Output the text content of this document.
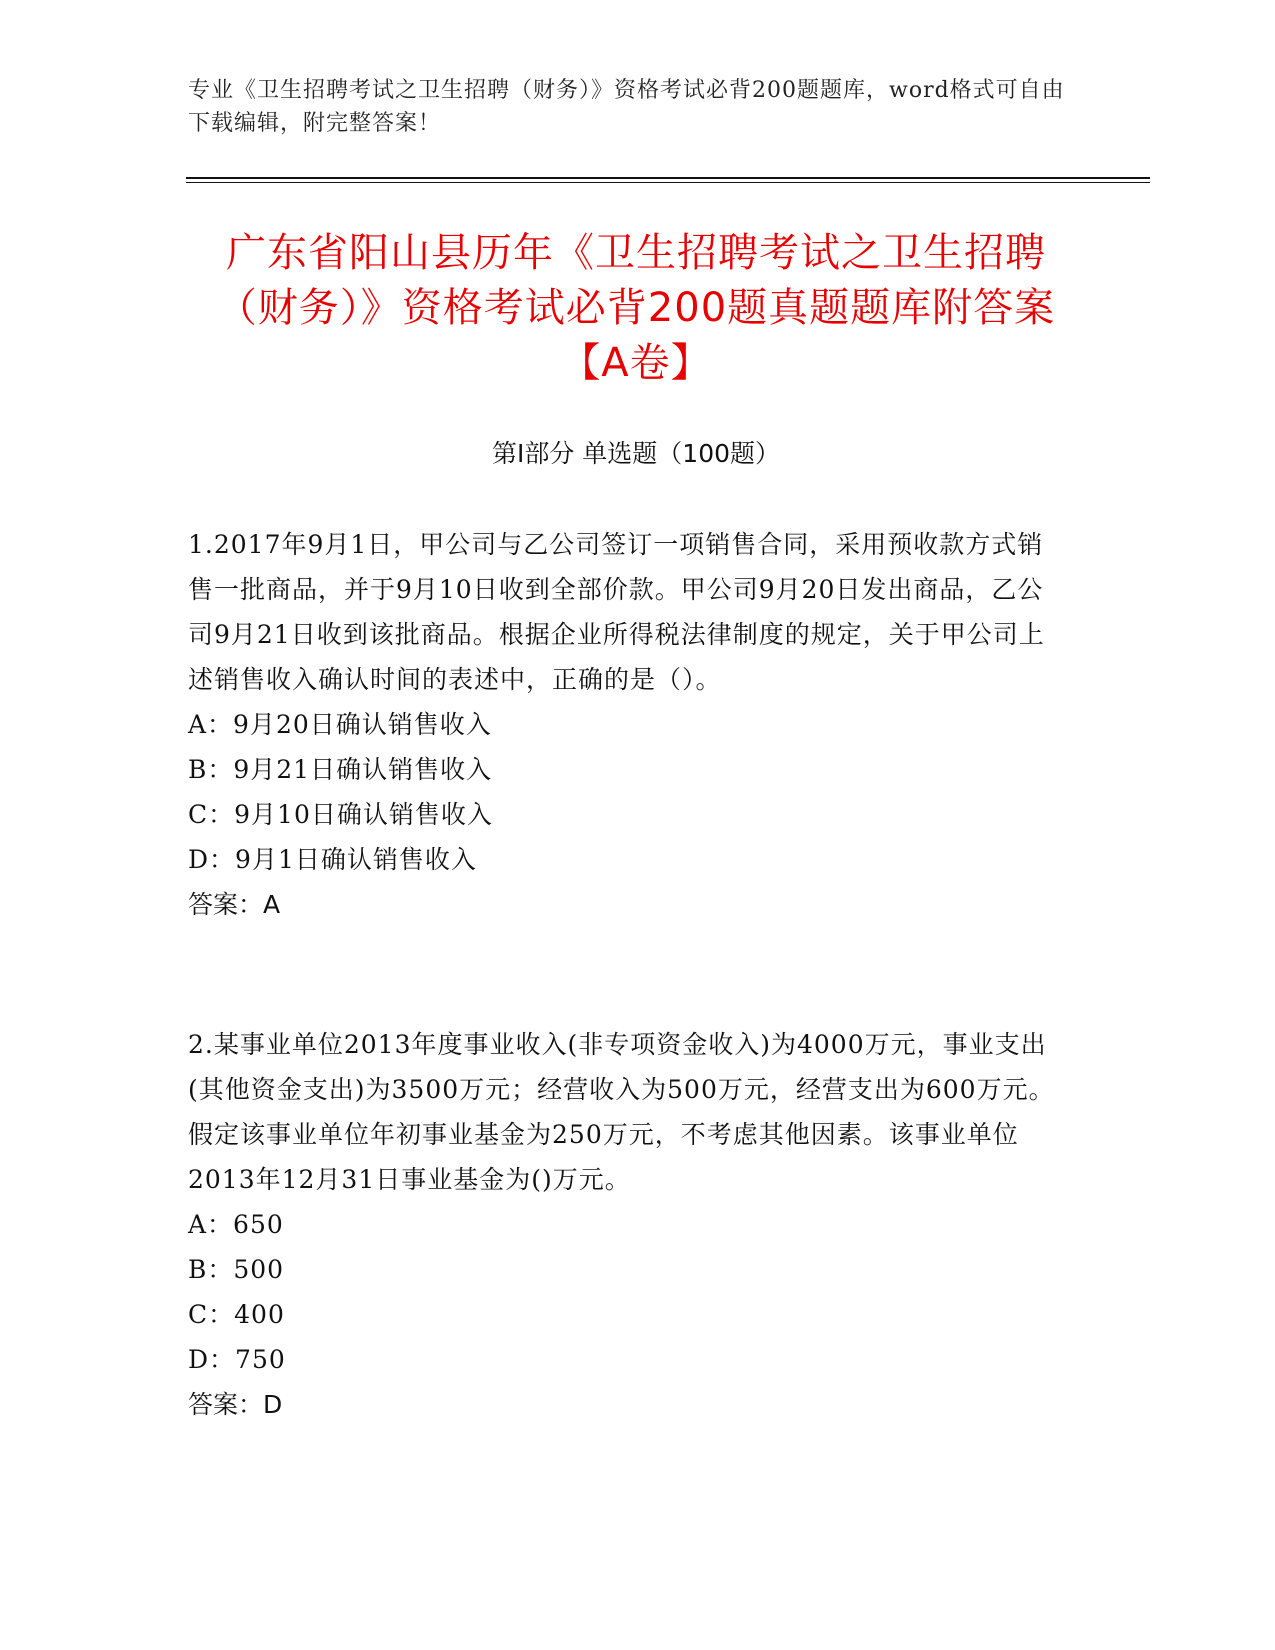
专业《卫生招聘考试之卫生招聘（财务）》资格考试必背200题题库，word格式可自由下载编辑，附完整答案！
广东省阳山县历年《卫生招聘考试之卫生招聘（财务）》资格考试必背200题真题题库附答案【A卷】
第I部分 单选题（100题）

1.2017年9月1日，甲公司与乙公司签订一项销售合同，采用预收款方式销售一批商品，并于9月10日收到全部价款。甲公司9月20日发出商品，乙公司9月21日收到该批商品。根据企业所得税法律制度的规定，关于甲公司上述销售收入确认时间的表述中，正确的是（）。

A：9月20日确认销售收入

B：9月21日确认销售收入

C：9月10日确认销售收入

D：9月1日确认销售收入

答案：A

2.某事业单位2013年度事业收入(非专项资金收入)为4000万元，事业支出(其他资金支出)为3500万元；经营收入为500万元，经营支出为600万元。假定该事业单位年初事业基金为250万元，不考虑其他因素。该事业单位2013年12月31日事业基金为()万元。

A：650

B：500

C：400

D：750

答案：D
